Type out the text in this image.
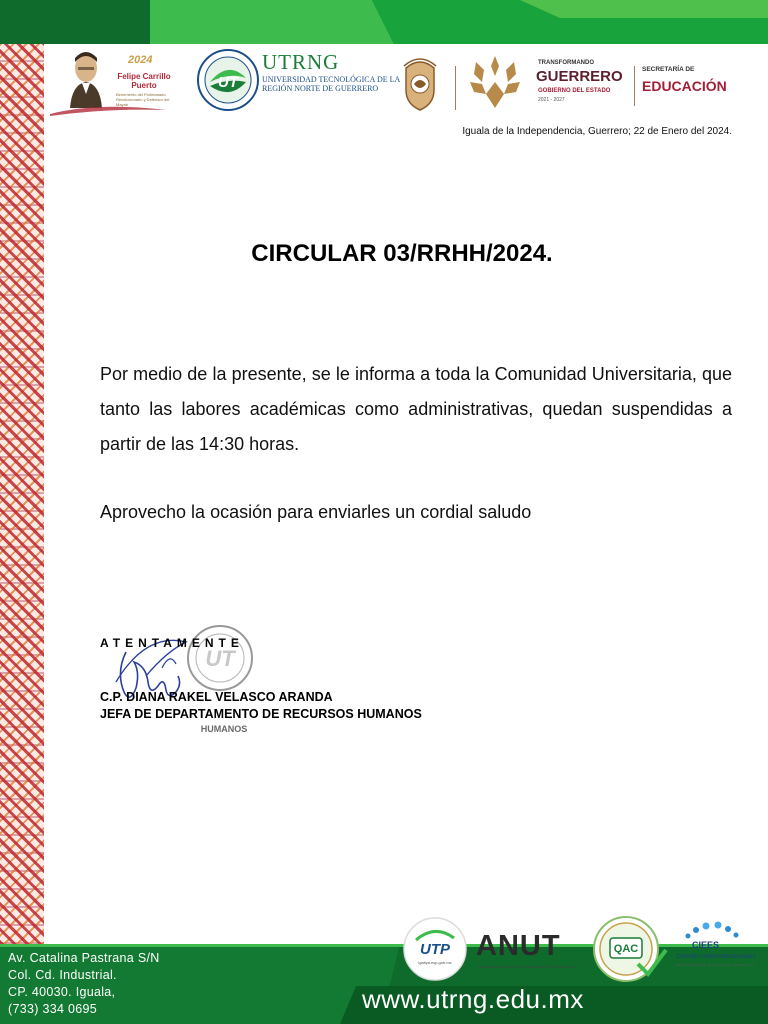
2024
Felipe Carrillo Puerto
Benemérito del Proletariado, Revolucionario y Defensor del Mayab
UT
UTRNG
UNIVERSIDAD TECNOLÓGICA DE LA REGIÓN NORTE DE GUERRERO
TRANSFORMANDO
GUERRERO
GOBIERNO DEL ESTADO
2021 - 2027
SECRETARÍA DE
EDUCACIÓN
Iguala de la Independencia, Guerrero; 22 de Enero del 2024.
CIRCULAR 03/RRHH/2024.
Por medio de la presente, se le informa a toda la Comunidad Universitaria, que tanto las labores académicas como administrativas, quedan suspendidas a partir de las 14:30 horas.
Aprovecho la ocasión para enviarles un cordial saludo
UT
HUMANOS
ATENTAMENTE
C.P. DIANA RAKEL VELASCO ARANDA
JEFA DE DEPARTAMENTO DE RECURSOS HUMANOS
Av. Catalina Pastrana S/N
Col. Cd. Industrial.
CP. 40030. Iguala,
(733) 334 0695	www.utrng.edu.mx
UTP
igaitya.esp.gob.mx
ANUT
Asociación Nacional de Universidades Tecnológicas A.C.
QAC	CIEES
Comités Interinstitucionales
para la Evaluación de la Educación Superior, A.C.
